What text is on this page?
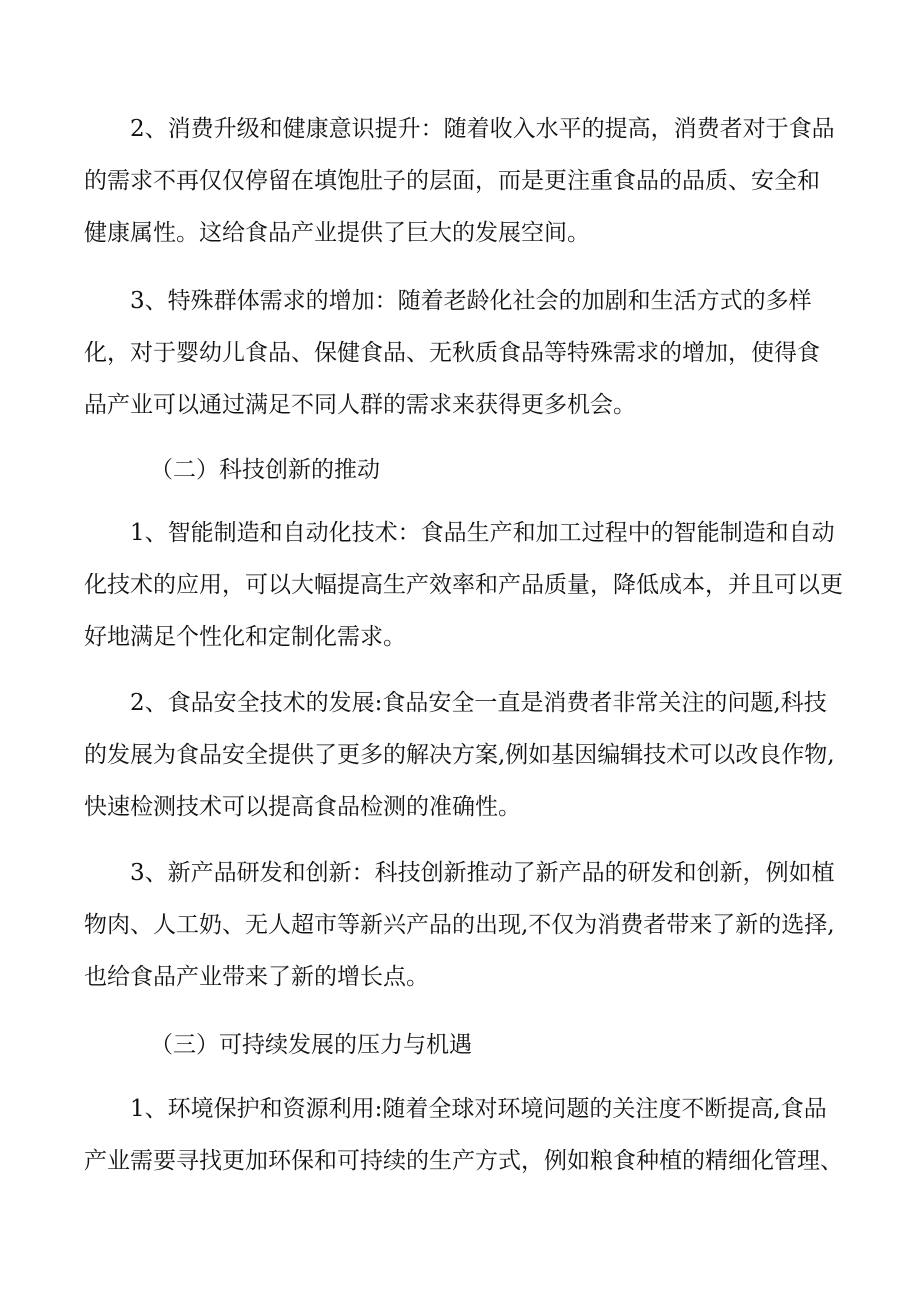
2、消费升级和健康意识提升：随着收入水平的提高，消费者对于食品
的需求不再仅仅停留在填饱肚子的层面，而是更注重食品的品质、安全和
健康属性。这给食品产业提供了巨大的发展空间。
3、特殊群体需求的增加：随着老龄化社会的加剧和生活方式的多样
化，对于婴幼儿食品、保健食品、无秋质食品等特殊需求的增加，使得食
品产业可以通过满足不同人群的需求来获得更多机会。
（二）科技创新的推动
1、智能制造和自动化技术：食品生产和加工过程中的智能制造和自动
化技术的应用，可以大幅提高生产效率和产品质量，降低成本，并且可以更
好地满足个性化和定制化需求。
2、食品安全技术的发展:食品安全一直是消费者非常关注的问题,科技
的发展为食品安全提供了更多的解决方案,例如基因编辑技术可以改良作物,
快速检测技术可以提高食品检测的准确性。
3、新产品研发和创新：科技创新推动了新产品的研发和创新，例如植
物肉、人工奶、无人超市等新兴产品的出现,不仅为消费者带来了新的选择,
也给食品产业带来了新的增长点。
（三）可持续发展的压力与机遇
1、环境保护和资源利用:随着全球对环境问题的关注度不断提高,食品
产业需要寻找更加环保和可持续的生产方式，例如粮食种植的精细化管理、
